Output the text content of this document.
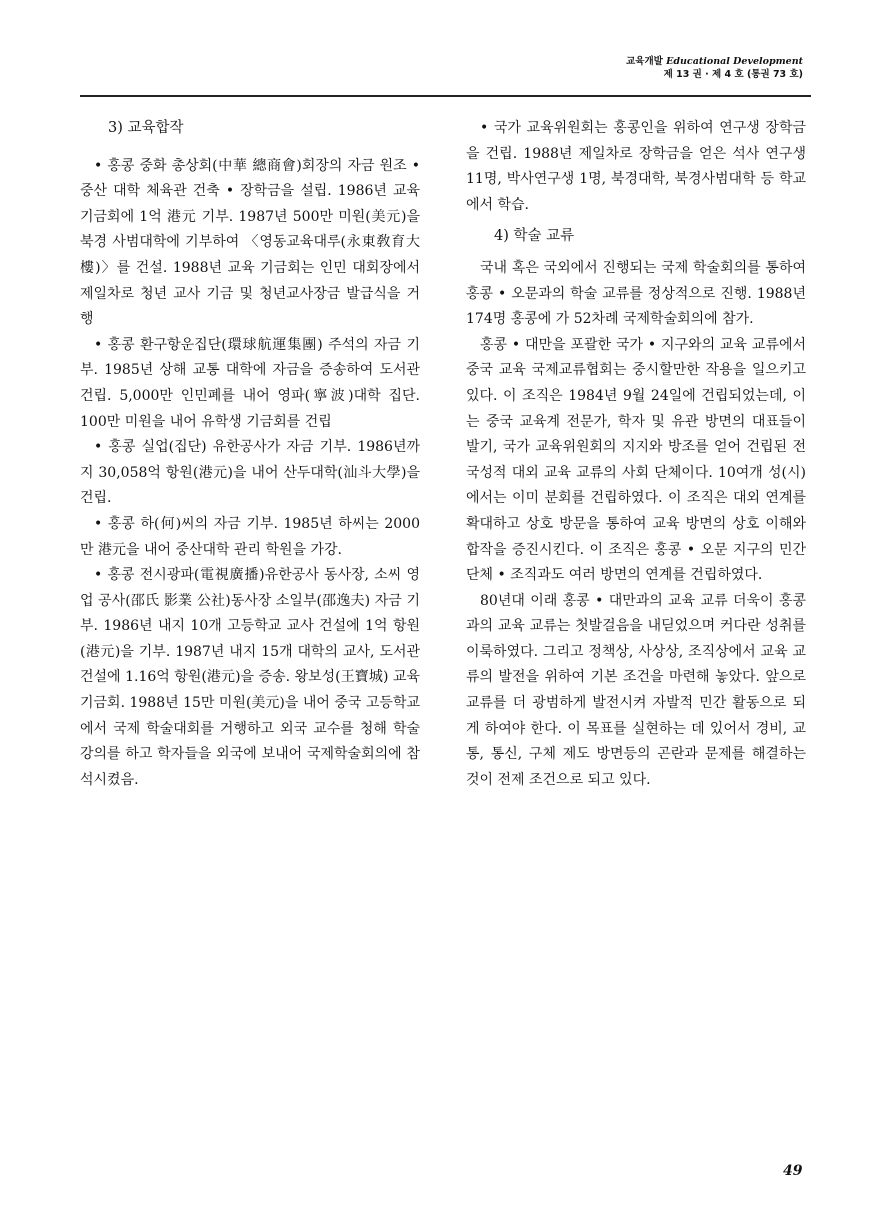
교육개발 Educational Development
제 13 권 · 제 4 호 (통권 73 호)
3) 교육합작

• 홍콩 중화 총상회(中華 總商會)회장의 자금 원조 • 중산 대학 체육관 건축 • 장학금을 설립. 1986년 교육 기금회에 1억 港元 기부. 1987년 500만 미원(美元)을 북경 사범대학에 기부하여 〈영동교육대루(永東敎育大樓)〉를 건설. 1988년 교육 기금회는 인민 대회장에서 제일차로 청년 교사 기금 및 청년교사장금 발급식을 거행

• 홍콩 환구항운집단(環球航運集團) 주석의 자금 기부. 1985년 상해 교통 대학에 자금을 증송하여 도서관 건립. 5,000만 인민폐를 내어 영파(寧波)대학 집단. 100만 미원을 내어 유학생 기금회를 건립

• 홍콩 실업(집단) 유한공사가 자금 기부. 1986년까지 30,058억 항원(港元)을 내어 산두대학(汕斗大學)을 건립.

• 홍콩 하(何)씨의 자금 기부. 1985년 하씨는 2000만 港元을 내어 중산대학 관리 학원을 가강.

• 홍콩 전시광파(電視廣播)유한공사 동사장, 소씨 영업 공사(邵氏 影業 公社)동사장 소일부(邵逸夫) 자금 기부. 1986년 내지 10개 고등학교 교사 건설에 1억 항원(港元)을 기부. 1987년 내지 15개 대학의 교사, 도서관 건설에 1.16억 항원(港元)을 증송. 왕보성(王寶城) 교육기금회. 1988년 15만 미원(美元)을 내어 중국 고등학교에서 국제 학술대회를 거행하고 외국 교수를 청해 학술 강의를 하고 학자들을 외국에 보내어 국제학술회의에 참석시켰음.

• 국가 교육위원회는 홍콩인을 위하여 연구생 장학금을 건립. 1988년 제일차로 장학금을 얻은 석사 연구생 11명, 박사연구생 1명, 북경대학, 북경사범대학 등 학교에서 학습.

4) 학술 교류

국내 혹은 국외에서 진행되는 국제 학술회의를 통하여 홍콩 • 오문과의 학술 교류를 정상적으로 진행. 1988년 174명 홍콩에 가 52차례 국제학술회의에 참가.

홍콩 • 대만을 포괄한 국가 • 지구와의 교육 교류에서 중국 교육 국제교류협회는 중시할만한 작용을 일으키고 있다. 이 조직은 1984년 9월 24일에 건립되었는데, 이는 중국 교육계 전문가, 학자 및 유관 방면의 대표들이 발기, 국가 교육위원회의 지지와 방조를 얻어 건립된 전국성적 대외 교육 교류의 사회 단체이다. 10여개 성(시)에서는 이미 분회를 건립하였다. 이 조직은 대외 연계를 확대하고 상호 방문을 통하여 교육 방면의 상호 이해와 합작을 증진시킨다. 이 조직은 홍콩 • 오문 지구의 민간 단체 • 조직과도 여러 방면의 연계를 건립하였다.

80년대 이래 홍콩 • 대만과의 교육 교류 더욱이 홍콩과의 교육 교류는 첫발걸음을 내딛었으며 커다란 성취를 이룩하였다. 그리고 정책상, 사상상, 조직상에서 교육 교류의 발전을 위하여 기본 조건을 마련해 놓았다. 앞으로 교류를 더 광범하게 발전시켜 자발적 민간 활동으로 되게 하여야 한다. 이 목표를 실현하는 데 있어서 경비, 교통, 통신, 구체 제도 방면등의 곤란과 문제를 해결하는 것이 전제 조건으로 되고 있다.

49
